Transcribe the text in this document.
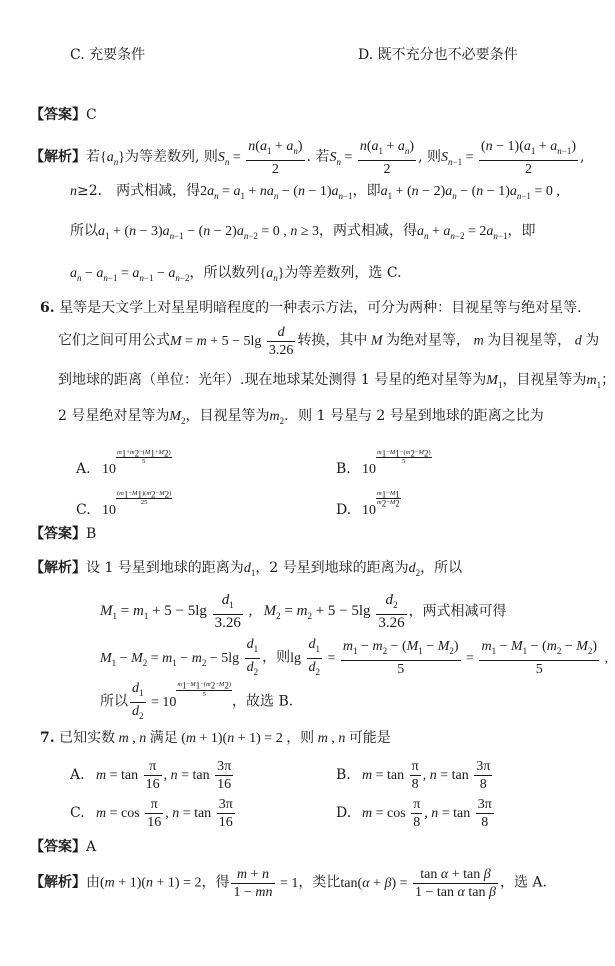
C. 充要条件	D. 既不充分也不必要条件
【答案】C
【解析】若$\{a_n\}$为等差数列, 则$S_n = \frac{n(a_1 + a_n)}{2}$ . 若$S_n = \frac{n(a_1 + a_n)}{2}$ , 则$S_{n-1} = \frac{(n - 1)(a_1 + a_{n-1})}{2}$ ,
n≥2． 两式相减，得$2a_n = a_1 + na_n - (n - 1)a_{n-1}$，即$a_1 + (n - 2)a_n - (n - 1)a_{n-1} = 0$ ,
所以$a_1 + (n - 3)a_{n-1} - (n - 2)a_{n-2} = 0$ , n ≥ 3，两式相减，得$a_n + a_{n-2} = 2a_{n-1}$，即
$a_n - a_{n-1} = a_{n-1} - a_{n-2}$，所以数列$\{a_n\}$为等差数列，选 C.
6. 星等是天文学上对星星明暗程度的一种表示方法，可分为两种：目视星等与绝对星等.
它们之间可用公式$M = m + 5 - 5\lg \frac{d}{3.26}$ 转换，其中 M 为绝对星等， m 为目视星等， d 为
到地球的距离（单位：光年）.现在地球某处测得 1 号星的绝对星等为$M_1$，目视星等为$m_1$；
2 号星绝对星等为$M_2$，目视星等为$m_2$．则 1 号星与 2 号星到地球的距离之比为
A. 10
$\frac{m_1+m_2-(M_1+M_2)}{5}$
B. 10
$\frac{m_1-M_1-(m_2-M_2)}{5}$
C. 10
$\frac{(m_1-M_1)(m_2-M_2)}{25}$
D. 10
$\frac{m_1-M_1}{m_2-M_2}$
【答案】B
【解析】设 1 号星到地球的距离为$d_1$，2 号星到地球的距离为$d_2$，所以
$M_1 = m_1 + 5 - 5\lg \frac{d_1}{3.26}$ ,   $M_2 = m_2 + 5 - 5\lg \frac{d_2}{3.26}$ ，两式相减可得
$M_1 - M_2 = m_1 - m_2 - 5\lg \frac{d_1}{d_2}$ ，则$\lg \frac{d_1}{d_2} = \frac{m_1 - m_2 - (M_1 - M_2)}{5} = \frac{m_1 - M_1 - (m_2 - M_2)}{5}$ ,
所以 $\frac{d_1}{d_2} = 10$
$\frac{m_1-M_1-(m_2-M_2)}{5}$
，故选 B.
7. 已知实数 m , n 满足 (m + 1)(n + 1) = 2 ，则 m , n 可能是
A. $m = \tan \frac{\pi}{16}$ , $n = \tan \frac{3\pi}{16}$	B. $m = \tan \frac{\pi}{8}$ , $n = \tan \frac{3\pi}{8}$
C. $m = \cos \frac{\pi}{16}$ , $n = \tan \frac{3\pi}{16}$	D. $m = \cos \frac{\pi}{8}$ , $n = \tan \frac{3\pi}{8}$
【答案】A
【解析】由(m + 1)(n + 1) = 2，得 $\frac{m + n}{1 - mn} = 1$，类比$\tan(\alpha + \beta) = \frac{\text{tan α + tan β}}{\text{1 − tan α tan β}}$ ，选 A.
